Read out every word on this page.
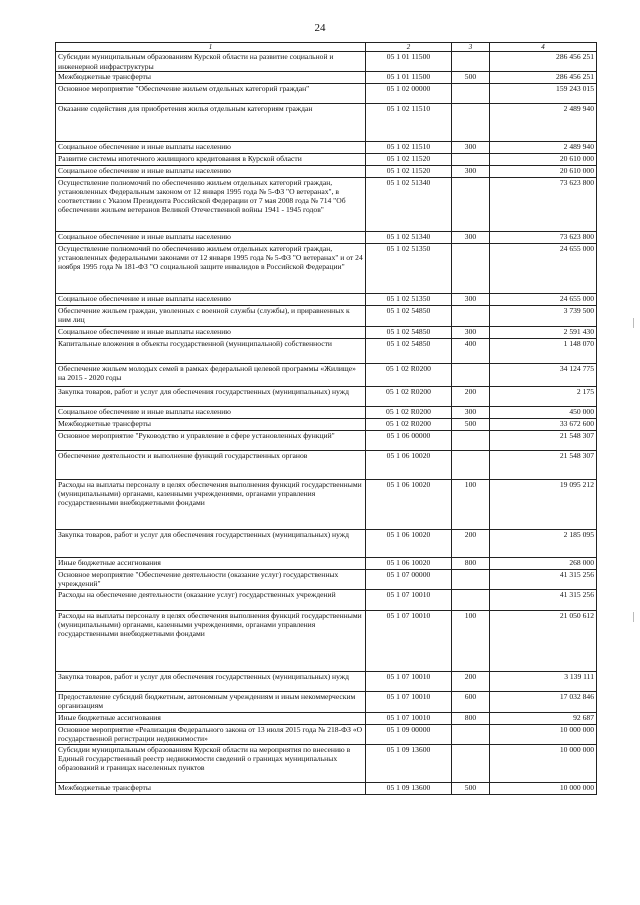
24
1	2	3	4
Субсидии муниципальным образованиям Курской области на развитие социальной и инженерной инфраструктуры	05 1 01 11500		286 456 251
Межбюджетные трансферты	05 1 01 11500	500	286 456 251
Основное мероприятие "Обеспечение жильем отдельных категорий граждан"	05 1 02 00000		159 243 015
Оказание содействия для приобретения жилья отдельным категориям граждан	05 1 02 11510		2 489 940
Социальное обеспечение и иные выплаты населению	05 1 02 11510	300	2 489 940
Развитие системы ипотечного жилищного кредитования в Курской области	05 1 02 11520		20 610 000
Социальное обеспечение и иные выплаты населению	05 1 02 11520	300	20 610 000
Осуществление полномочий по обеспечению жильем отдельных категорий граждан, установленных Федеральным законом от 12 января 1995 года № 5-ФЗ "О ветеранах", в соответствии с Указом Президента Российской Федерации от 7 мая 2008 года № 714 "Об обеспечении жильем ветеранов Великой Отечественной войны 1941 - 1945 годов"	05 1 02 51340		73 623 800
Социальное обеспечение и иные выплаты населению	05 1 02 51340	300	73 623 800
Осуществление полномочий по обеспечению жильем отдельных категорий граждан, установленных федеральными законами от 12 января 1995 года № 5-ФЗ "О ветеранах" и от 24 ноября 1995 года № 181-ФЗ "О социальной защите инвалидов в Российской Федерации"	05 1 02 51350		24 655 000
Социальное обеспечение и иные выплаты населению	05 1 02 51350	300	24 655 000
Обеспечение жильем граждан, уволенных с военной службы (службы), и приравненных к ним лиц	05 1 02 54850		3 739 500
Социальное обеспечение и иные выплаты населению	05 1 02 54850	300	2 591 430
Капитальные вложения в объекты государственной (муниципальной) собственности	05 1 02 54850	400	1 148 070
Обеспечение жильем молодых семей в рамках федеральной целевой программы «Жилище» на 2015 - 2020 годы	05 1 02 R0200		34 124 775
Закупка товаров, работ и услуг для обеспечения государственных (муниципальных) нужд	05 1 02 R0200	200	2 175
Социальное обеспечение и иные выплаты населению	05 1 02 R0200	300	450 000
Межбюджетные трансферты	05 1 02 R0200	500	33 672 600
Основное мероприятие "Руководство и управление в сфере установленных функций"	05 1 06 00000		21 548 307
Обеспечение деятельности и выполнение функций государственных органов	05 1 06 10020		21 548 307
Расходы на выплаты персоналу в целях обеспечения выполнения функций государственными (муниципальными) органами, казенными учреждениями, органами управления государственными внебюджетными фондами	05 1 06 10020	100	19 095 212
Закупка товаров, работ и услуг для обеспечения государственных (муниципальных) нужд	05 1 06 10020	200	2 185 095
Иные бюджетные ассигнования	05 1 06 10020	800	268 000
Основное мероприятие "Обеспечение деятельности (оказание услуг) государственных учреждений"	05 1 07 00000		41 315 256
Расходы на обеспечение деятельности (оказание услуг) государственных учреждений	05 1 07 10010		41 315 256
Расходы на выплаты персоналу в целях обеспечения выполнения функций государственными (муниципальными) органами, казенными учреждениями, органами управления государственными внебюджетными фондами	05 1 07 10010	100	21 050 612
Закупка товаров, работ и услуг для обеспечения государственных (муниципальных) нужд	05 1 07 10010	200	3 139 111
Предоставление субсидий бюджетным, автономным учреждениям и иным некоммерческим организациям	05 1 07 10010	600	17 032 846
Иные бюджетные ассигнования	05 1 07 10010	800	92 687
Основное мероприятие «Реализация Федерального закона от 13 июля 2015 года № 218-ФЗ «О государственной регистрации недвижимости»	05 1 09 00000		10 000 000
Субсидии муниципальным образованиям Курской области на мероприятия по внесению в Единый государственный реестр недвижимости сведений о границах муниципальных образований и границах населенных пунктов	05 1 09 13600		10 000 000
Межбюджетные трансферты	05 1 09 13600	500	10 000 000
